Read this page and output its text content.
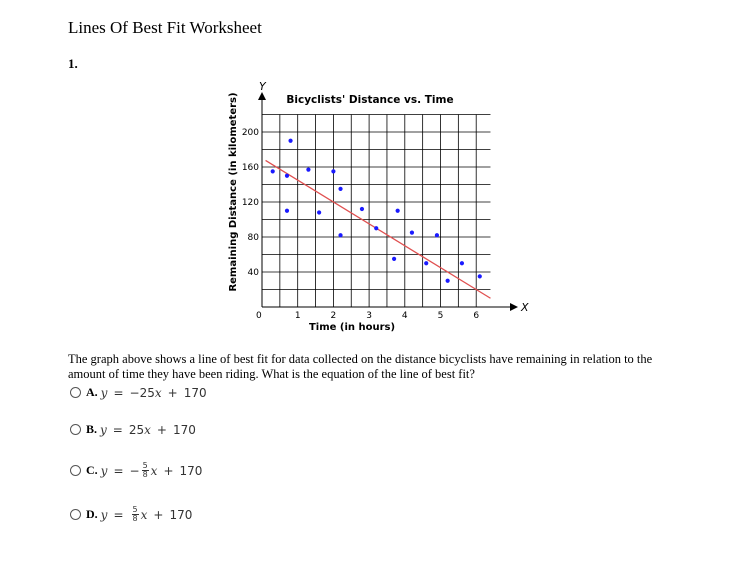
Lines Of Best Fit Worksheet
1.
X
Y
0
Bicyclists' Distance vs. Time
Time (in hours)
Remaining Distance (in kilometers)
1	2	3	4	5	6
40
80
120
160
200
The graph above shows a line of best fit for data collected on the distance bicyclists have remaining in relation to the amount of time they have been riding. What is the equation of the line of best fit?
A. y = − 25 x + 170
B. y = 25 x + 170
C. y = − $\frac{5}{8}$ x + 170
D. $y = \frac{5}{8}$ x + 170
